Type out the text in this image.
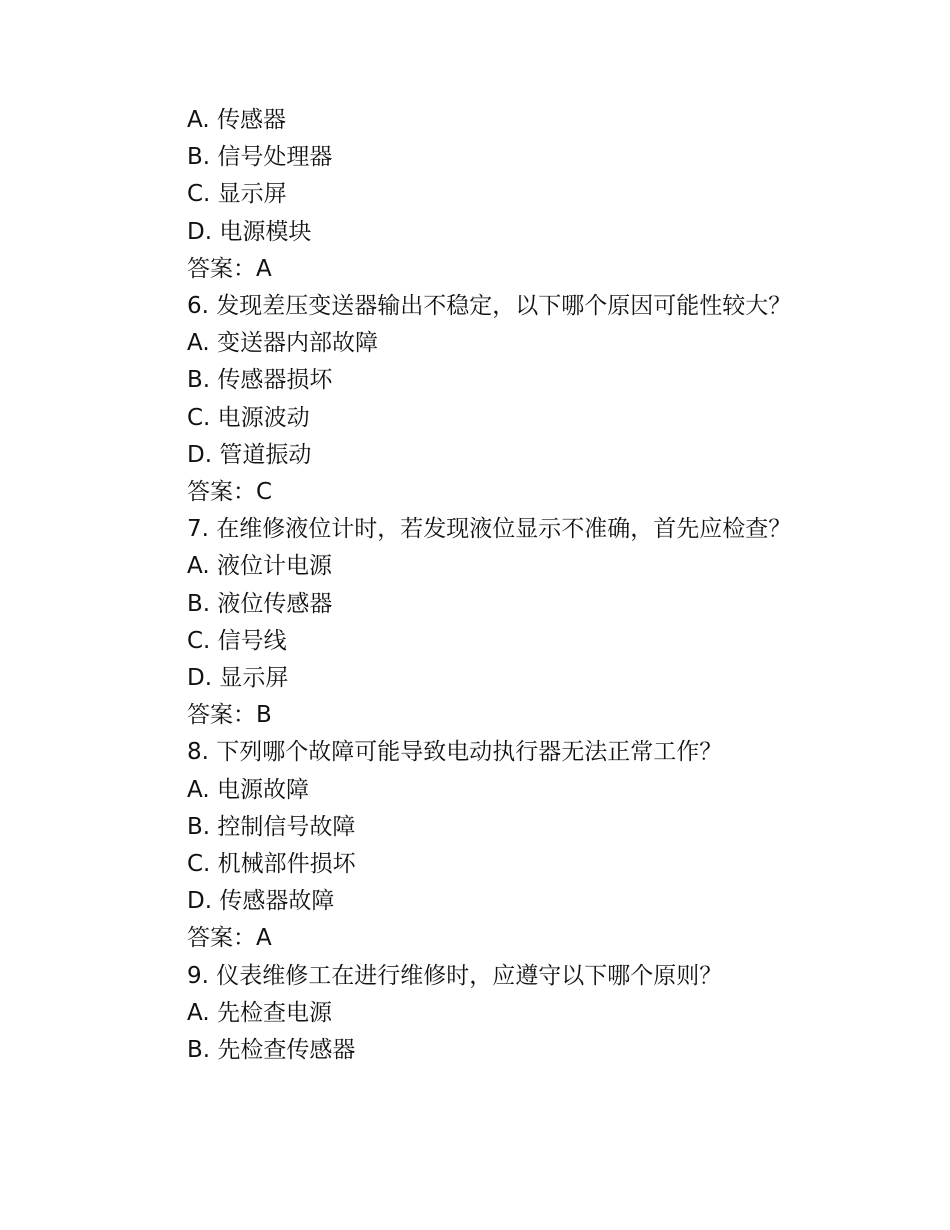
A. 传感器
B. 信号处理器
C. 显示屏
D. 电源模块
答案：A
6. 发现差压变送器输出不稳定，以下哪个原因可能性较大？
A. 变送器内部故障
B. 传感器损坏
C. 电源波动
D. 管道振动
答案：C
7. 在维修液位计时，若发现液位显示不准确，首先应检查？
A. 液位计电源
B. 液位传感器
C. 信号线
D. 显示屏
答案：B
8. 下列哪个故障可能导致电动执行器无法正常工作？
A. 电源故障
B. 控制信号故障
C. 机械部件损坏
D. 传感器故障
答案：A
9. 仪表维修工在进行维修时，应遵守以下哪个原则？
A. 先检查电源
B. 先检查传感器
